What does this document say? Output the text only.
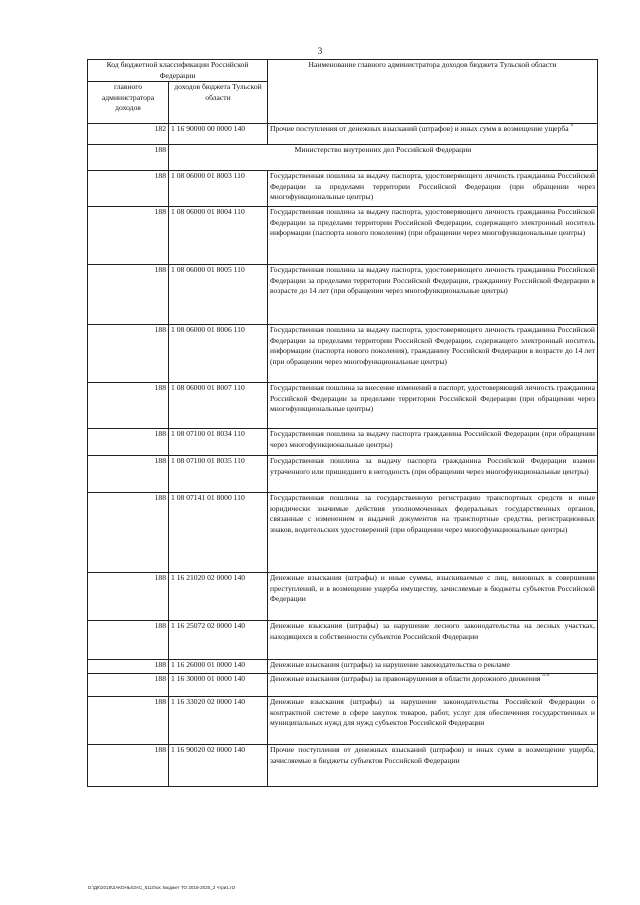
3
Код бюджетной классификации Российской Федерации		Наименование главного администратора доходов бюджета Тульской области
главного администратора доходов	доходов бюджета Тульской области	
182	1 16 90000 00 0000 140	Прочие поступления от денежных взысканий (штрафов) и иных сумм в возмещение ущерба $^{^{1)}}$
188	Министерство внутренних дел Российской Федерации	
188	1 08 06000 01 8003 110	Государственная пошлина за выдачу паспорта, удостоверяющего личность гражданина Российской Федерации за пределами территории Российской Федерации (при обращении через многофункциональные центры)
188	1 08 06000 01 8004 110	Государственная пошлина за выдачу паспорта, удостоверяющего личность гражданина Российской Федерации за пределами территории Российской Федерации, содержащего электронный носитель информации (паспорта нового поколения) (при обращении через многофункциональные центры)
188	1 08 06000 01 8005 110	Государственная пошлина за выдачу паспорта, удостоверяющего личность гражданина Российской Федерации за пределами территории Российской Федерации, гражданину Российской Федерации в возрасте до 14 лет (при обращении через многофункциональные центры)
188	1 08 06000 01 8006 110	Государственная пошлина за выдачу паспорта, удостоверяющего личность гражданина Российской Федерации за пределами территории Российской Федерации, содержащего электронный носитель информации (паспорта нового поколения), гражданину Российской Федерации в возрасте до 14 лет (при обращении через многофункциональные центры)
188	1 08 06000 01 8007 110	Государственная пошлина за внесение изменений в паспорт, удостоверяющий личность гражданина Российской Федерации за пределами территории Российской Федерации (при обращении через многофункциональные центры)
188	1 08 07100 01 8034 110	Государственная пошлина за выдачу паспорта гражданина Российской Федерации (при обращении через многофункциональные центры)
188	1 08 07100 01 8035 110	Государственная пошлина за выдачу паспорта гражданина Российской Федерации взамен утраченного или пришедшего в негодность (при обращении через многофункциональные центры)
188	1 08 07141 01 8000 110	Государственная пошлина за государственную регистрацию транспортных средств и иные юридически значимые действия уполномоченных федеральных государственных органов, связанные с изменением и выдачей документов на транспортные средства, регистрационных знаков, водительских удостоверений (при обращении через многофункциональные центры)
188	1 16 21020 02 0000 140	Денежные взыскания (штрафы) и иные суммы, взыскиваемые с лиц, виновных в совершении преступлений, и в возмещение ущерба имуществу, зачисляемые в бюджеты субъектов Российской Федерации
188	1 16 25072 02 0000 140	Денежные взыскания (штрафы) за нарушение лесного законодательства на лесных участках, находящихся в собственности субъектов Российской Федерации
188	1 16 26000 01 0000 140	Денежные взыскания (штрафы) за нарушение законодательства о рекламе
188	1 16 30000 01 0000 140	Денежные взыскания (штрафы) за правонарушения в области дорожного движения $^{^{1)}\cdot^{3)}}$
188	1 16 33020 02 0000 140	Денежные взыскания (штрафы) за нарушение законодательства Российской Федерации о контрактной системе в сфере закупок товаров, работ, услуг для обеспечения государственных и муниципальных нужд для нужд субъектов Российской Федерации
188	1 16 90020 02 0000 140	Прочие поступления от денежных взысканий (штрафов) и иных сумм в возмещение ущерба, зачисляемые в бюджеты субъектов Российской Федерации
D:\ДК\2018\ЗАКОНЫ\ЗАС_5110\ок. Бюджет ТО 2018-2020_2 чтри1.rtz
